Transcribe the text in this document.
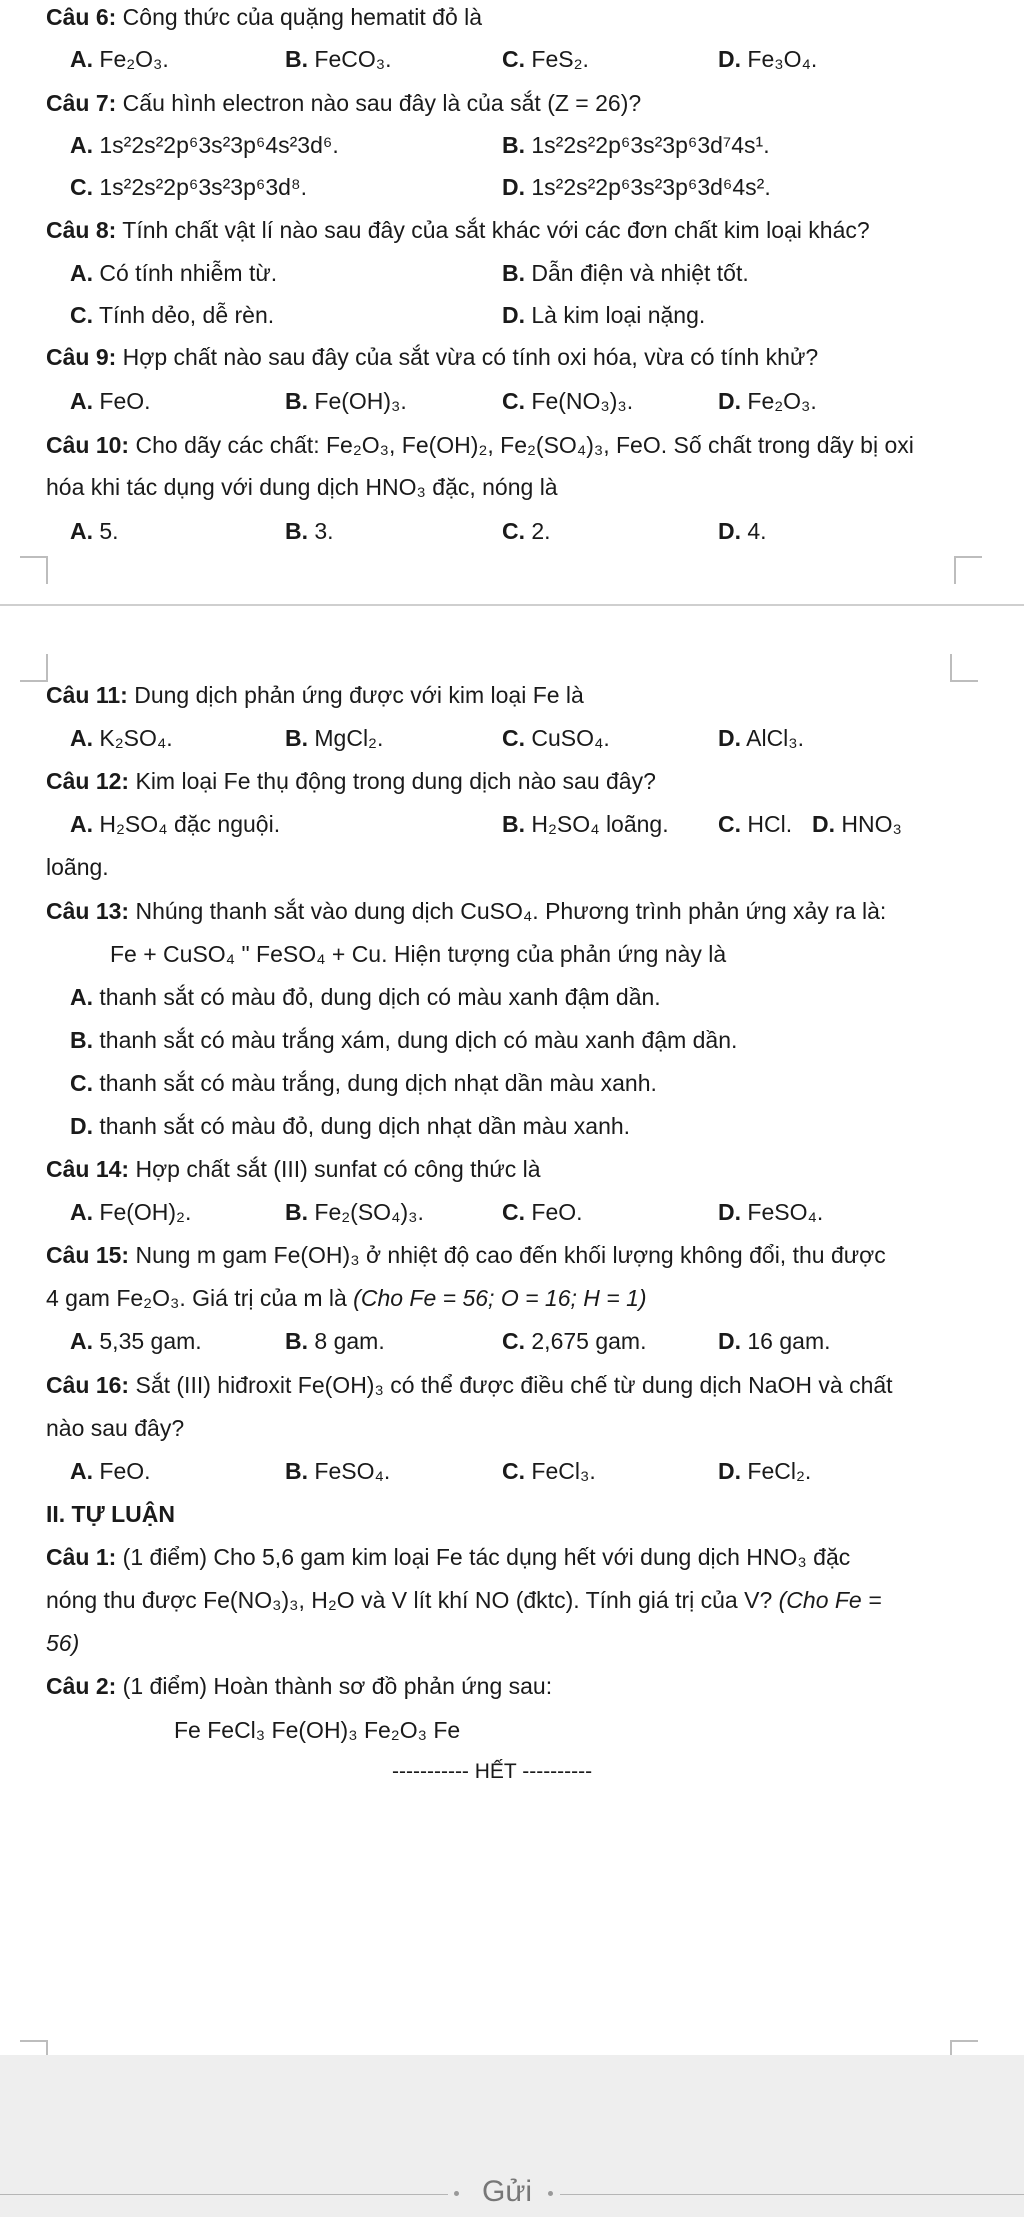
Câu 6: Công thức của quặng hematit đỏ là
A. Fe₂O₃.	B. FeCO₃.	C. FeS₂.	D. Fe₃O₄.
Câu 7: Cấu hình electron nào sau đây là của sắt (Z = 26)?
A. 1s²2s²2p⁶3s²3p⁶4s²3d⁶.	B. 1s²2s²2p⁶3s²3p⁶3d⁷4s¹.
C. 1s²2s²2p⁶3s²3p⁶3d⁸.	D. 1s²2s²2p⁶3s²3p⁶3d⁶4s².
Câu 8: Tính chất vật lí nào sau đây của sắt khác với các đơn chất kim loại khác?
A. Có tính nhiễm từ.	B. Dẫn điện và nhiệt tốt.
C. Tính dẻo, dễ rèn.	D. Là kim loại nặng.
Câu 9: Hợp chất nào sau đây của sắt vừa có tính oxi hóa, vừa có tính khử?
A. FeO.	B. Fe(OH)₃.	C. Fe(NO₃)₃.	D. Fe₂O₃.
Câu 10: Cho dãy các chất: Fe₂O₃, Fe(OH)₂, Fe₂(SO₄)₃, FeO. Số chất trong dãy bị oxi
hóa khi tác dụng với dung dịch HNO₃ đặc, nóng là
A. 5.	B. 3.	C. 2.	D. 4.
Câu 11: Dung dịch phản ứng được với kim loại Fe là
A. K₂SO₄.	B. MgCl₂.	C. CuSO₄.	D. AlCl₃.
Câu 12: Kim loại Fe thụ động trong dung dịch nào sau đây?
A. H₂SO₄ đặc nguội.	B. H₂SO₄ loãng. C. HCl. D. HNO₃
loãng.
Câu 13: Nhúng thanh sắt vào dung dịch CuSO₄. Phương trình phản ứng xảy ra là:
Fe + CuSO₄ " FeSO₄ + Cu. Hiện tượng của phản ứng này là
A. thanh sắt có màu đỏ, dung dịch có màu xanh đậm dần.
B. thanh sắt có màu trắng xám, dung dịch có màu xanh đậm dần.
C. thanh sắt có màu trắng, dung dịch nhạt dần màu xanh.
D. thanh sắt có màu đỏ, dung dịch nhạt dần màu xanh.
Câu 14: Hợp chất sắt (III) sunfat có công thức là
A. Fe(OH)₂.	B. Fe₂(SO₄)₃.	C. FeO.	D. FeSO₄.
Câu 15: Nung m gam Fe(OH)₃ ở nhiệt độ cao đến khối lượng không đổi, thu được
4 gam Fe₂O₃. Giá trị của m là (Cho Fe = 56; O = 16; H = 1)
A. 5,35 gam.	B. 8 gam.	C. 2,675 gam.	D. 16 gam.
Câu 16: Sắt (III) hiđroxit Fe(OH)₃ có thể được điều chế từ dung dịch NaOH và chất
nào sau đây?
A. FeO.	B. FeSO₄.	C. FeCl₃.	D. FeCl₂.
II. TỰ LUẬN
Câu 1: (1 điểm) Cho 5,6 gam kim loại Fe tác dụng hết với dung dịch HNO₃ đặc
nóng thu được Fe(NO₃)₃, H₂O và V lít khí NO (đktc). Tính giá trị của V? (Cho Fe =
56)
Câu 2: (1 điểm) Hoàn thành sơ đồ phản ứng sau:
Fe FeCl₃ Fe(OH)₃ Fe₂O₃ Fe
----------- HẾT ----------
Gửi
